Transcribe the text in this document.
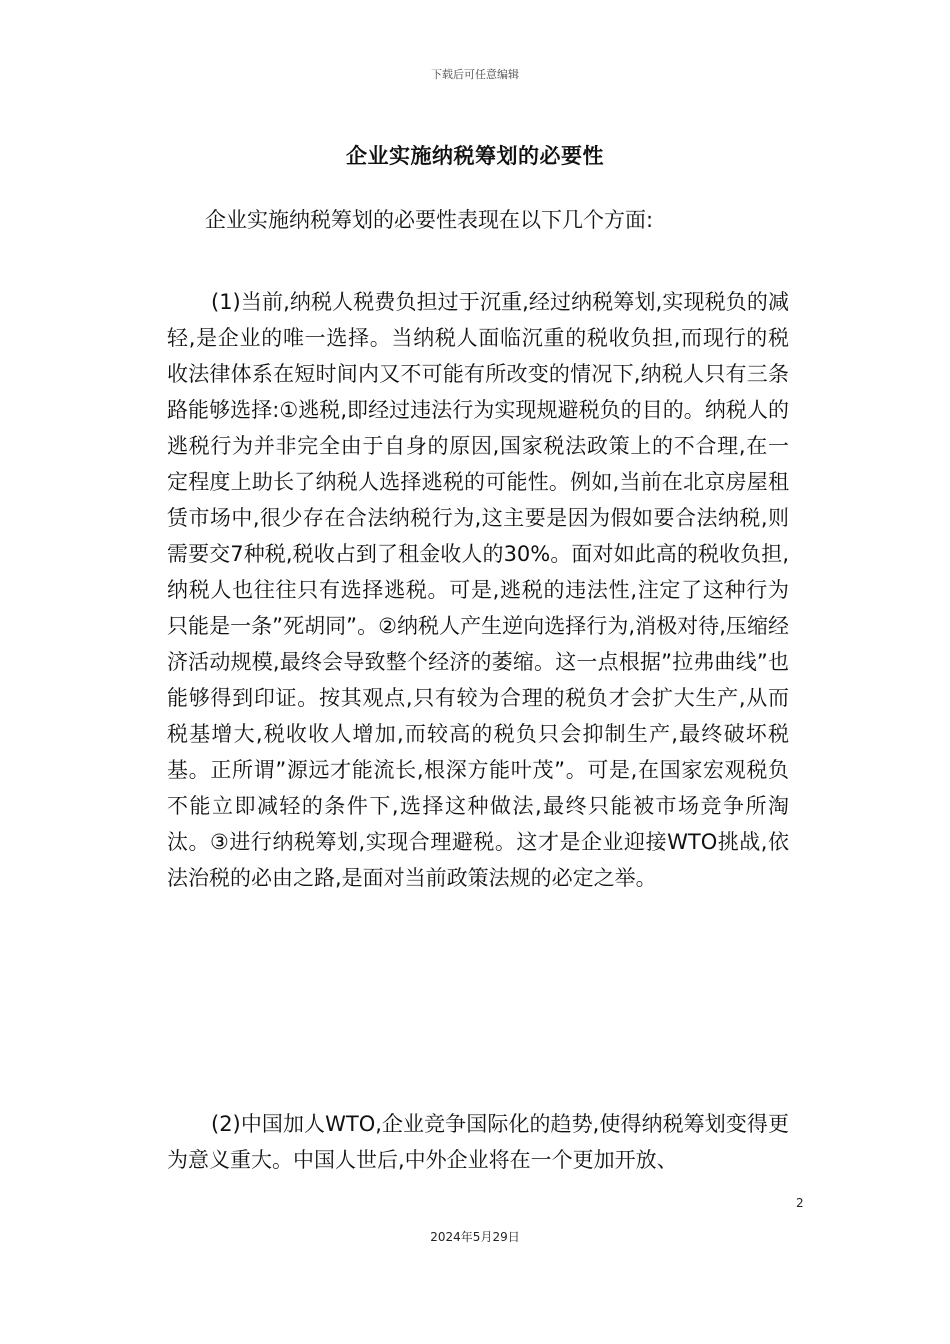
下载后可任意编辑
企业实施纳税筹划的必要性
企业实施纳税筹划的必要性表现在以下几个方面:
(1)当前,纳税人税费负担过于沉重,经过纳税筹划,实现税负的减轻,是企业的唯一选择。当纳税人面临沉重的税收负担,而现行的税收法律体系在短时间内又不可能有所改变的情况下,纳税人只有三条路能够选择:①逃税,即经过违法行为实现规避税负的目的。纳税人的逃税行为并非完全由于自身的原因,国家税法政策上的不合理,在一定程度上助长了纳税人选择逃税的可能性。例如,当前在北京房屋租赁市场中,很少存在合法纳税行为,这主要是因为假如要合法纳税,则需要交7种税,税收占到了租金收人的30%。面对如此高的税收负担,纳税人也往往只有选择逃税。可是,逃税的违法性,注定了这种行为只能是一条”死胡同”。②纳税人产生逆向选择行为,消极对待,压缩经济活动规模,最终会导致整个经济的萎缩。这一点根据”拉弗曲线”也能够得到印证。按其观点,只有较为合理的税负才会扩大生产,从而税基增大,税收收人增加,而较高的税负只会抑制生产,最终破坏税基。正所谓”源远才能流长,根深方能叶茂”。可是,在国家宏观税负不能立即减轻的条件下,选择这种做法,最终只能被市场竞争所淘汰。③进行纳税筹划,实现合理避税。这才是企业迎接WTO挑战,依法治税的必由之路,是面对当前政策法规的必定之举。
(2)中国加人WTO,企业竞争国际化的趋势,使得纳税筹划变得更为意义重大。中国人世后,中外企业将在一个更加开放、
2
2024年5月29日
